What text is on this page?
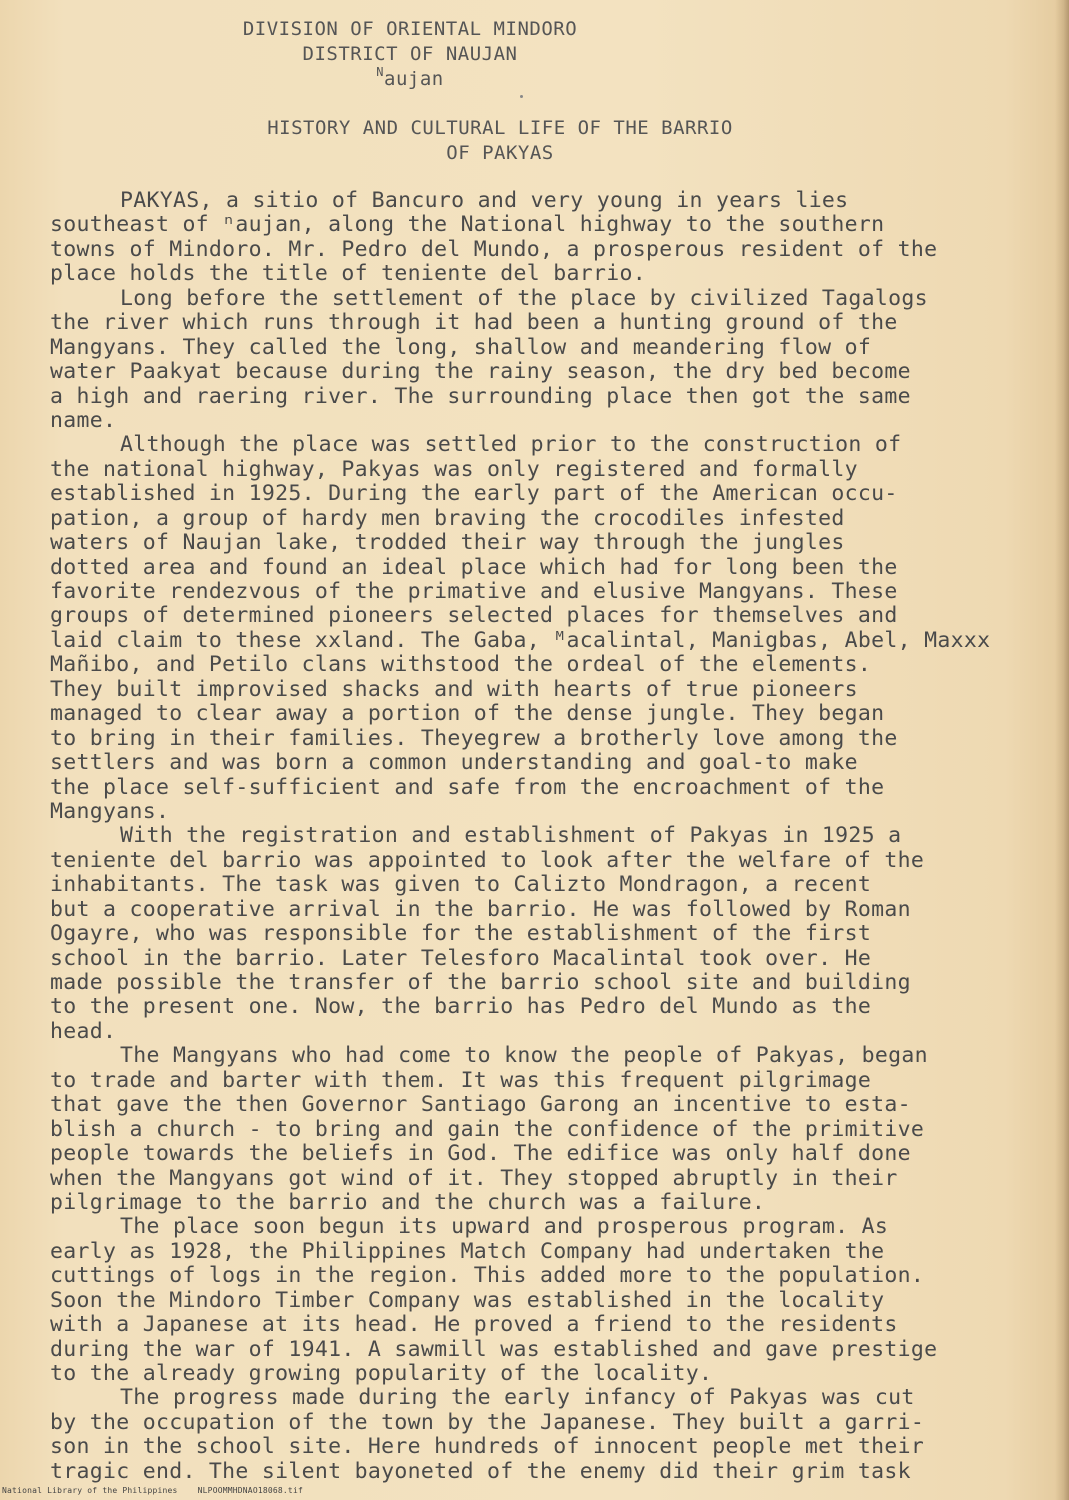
DIVISION OF ORIENTAL MINDORO
DISTRICT OF NAUJAN
$^N$aujan
HISTORY AND CULTURAL LIFE OF THE BARRIO
OF PAKYAS
PAKYAS, a sitio of Bancuro and very young in years lies
southeast of ⁿaujan, along the National highway to the southern
towns of Mindoro. Mr. Pedro del Mundo, a prosperous resident of the
place holds the title of teniente del barrio.
Long before the settlement of the place by civilized Tagalogs
the river which runs through it had been a hunting ground of the
Mangyans. They called the long, shallow and meandering flow of
water Paakyat because during the rainy season, the dry bed become
a high and raering river. The surrounding place then got the same
name.
Although the place was settled prior to the construction of
the national highway, Pakyas was only registered and formally
established in 1925. During the early part of the American occu-
pation, a group of hardy men braving the crocodiles infested
waters of Naujan lake, trodded their way through the jungles
dotted area and found an ideal place which had for long been the
favorite rendezvous of the primative and elusive Mangyans. These
groups of determined pioneers selected places for themselves and
laid claim to these xxland. The Gaba, ᴹacalintal, Manigbas, Abel, Maxxx
Mañibo, and Petilo clans withstood the ordeal of the elements.
They built improvised shacks and with hearts of true pioneers
managed to clear away a portion of the dense jungle. They began
to bring in their families. Theyegrew a brotherly love among the
settlers and was born a common understanding and goal-to make
the place self-sufficient and safe from the encroachment of the
Mangyans.
With the registration and establishment of Pakyas in 1925 a
teniente del barrio was appointed to look after the welfare of the
inhabitants. The task was given to Calizto Mondragon, a recent
but a cooperative arrival in the barrio. He was followed by Roman
Ogayre, who was responsible for the establishment of the first
school in the barrio. Later Telesforo Macalintal took over. He
made possible the transfer of the barrio school site and building
to the present one. Now, the barrio has Pedro del Mundo as the
head.
The Mangyans who had come to know the people of Pakyas, began
to trade and barter with them. It was this frequent pilgrimage
that gave the then Governor Santiago Garong an incentive to esta-
blish a church - to bring and gain the confidence of the primitive
people towards the beliefs in God. The edifice was only half done
when the Mangyans got wind of it. They stopped abruptly in their
pilgrimage to the barrio and the church was a failure.
The place soon begun its upward and prosperous program. As
early as 1928, the Philippines Match Company had undertaken the
cuttings of logs in the region. This added more to the population.
Soon the Mindoro Timber Company was established in the locality
with a Japanese at its head. He proved a friend to the residents
during the war of 1941. A sawmill was established and gave prestige
to the already growing popularity of the locality.
The progress made during the early infancy of Pakyas was cut
by the occupation of the town by the Japanese. They built a garri-
son in the school site. Here hundreds of innocent people met their
tragic end. The silent bayoneted of the enemy did their grim task
National Library of the Philippines    NLPOOMMHDNAO18068.tif
